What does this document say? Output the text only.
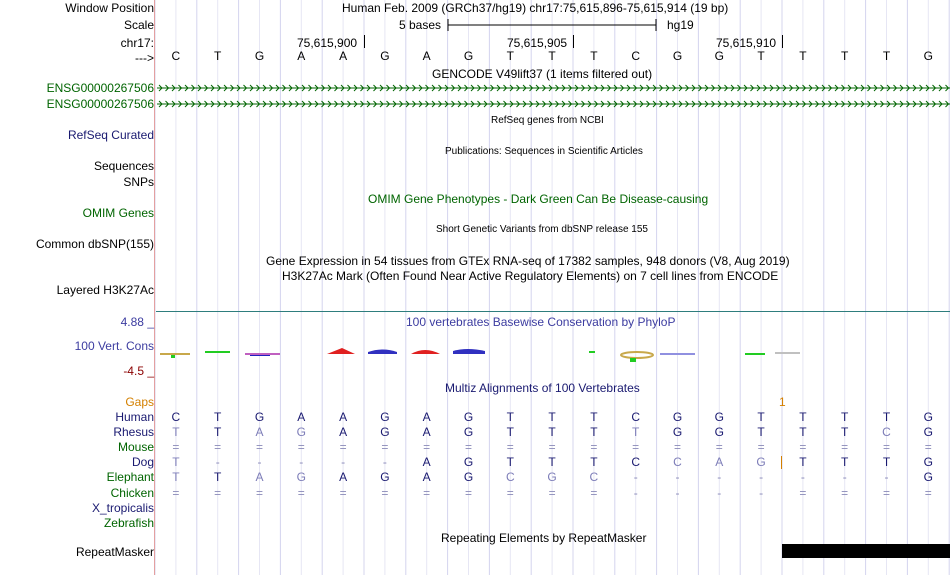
Window Position	Human Feb. 2009 (GRCh37/hg19) chr17:75,615,896-75,615,914 (19 bp)
Scale	5 bases	hg19
chr17:	75,615,900	75,615,905	75,615,910
--->	C	T	G	A	A	G	A	G	T	T	T	C	G	G	T	T	T	T	G
GENCODE V49lift37 (1 items filtered out)
ENSG00000267506
ENSG00000267506
RefSeq genes from NCBI
RefSeq Curated
Publications: Sequences in Scientific Articles
Sequences
SNPs
OMIM Gene Phenotypes - Dark Green Can Be Disease-causing
OMIM Genes
Short Genetic Variants from dbSNP release 155
Common dbSNP(155)
Gene Expression in 54 tissues from GTEx RNA-seq of 17382 samples, 948 donors (V8, Aug 2019)
H3K27Ac Mark (Often Found Near Active Regulatory Elements) on 7 cell lines from ENCODE
Layered H3K27Ac
100 vertebrates Basewise Conservation by PhyloP
4.88 _
100 Vert. Cons
-4.5 _
Multiz Alignments of 100 Vertebrates
Gaps	1
Human	C	T	G	A	A	G	A	G	T	T	T	C	G	G	T	T	T	T	G
Rhesus	T	T	A	G	A	G	A	G	T	T	T	T	G	G	T	T	T	C	G
Mouse	=	=	=	=	=	=	=	=	=	=	=	=	=	=	=	=	=	=	=
Dog	T	-	-	-	-	-	A	G	T	T	T	C	C	A	G	T	T	T	G
Elephant	T	T	A	G	A	G	A	G	C	G	C	-	-	-	-	-	-	-	G
Chicken	=	=	=	=	=	=	=	=	=	=	=	-	-	-	-	=	=	=	=
X_tropicalis
Zebrafish
Repeating Elements by RepeatMasker
RepeatMasker
